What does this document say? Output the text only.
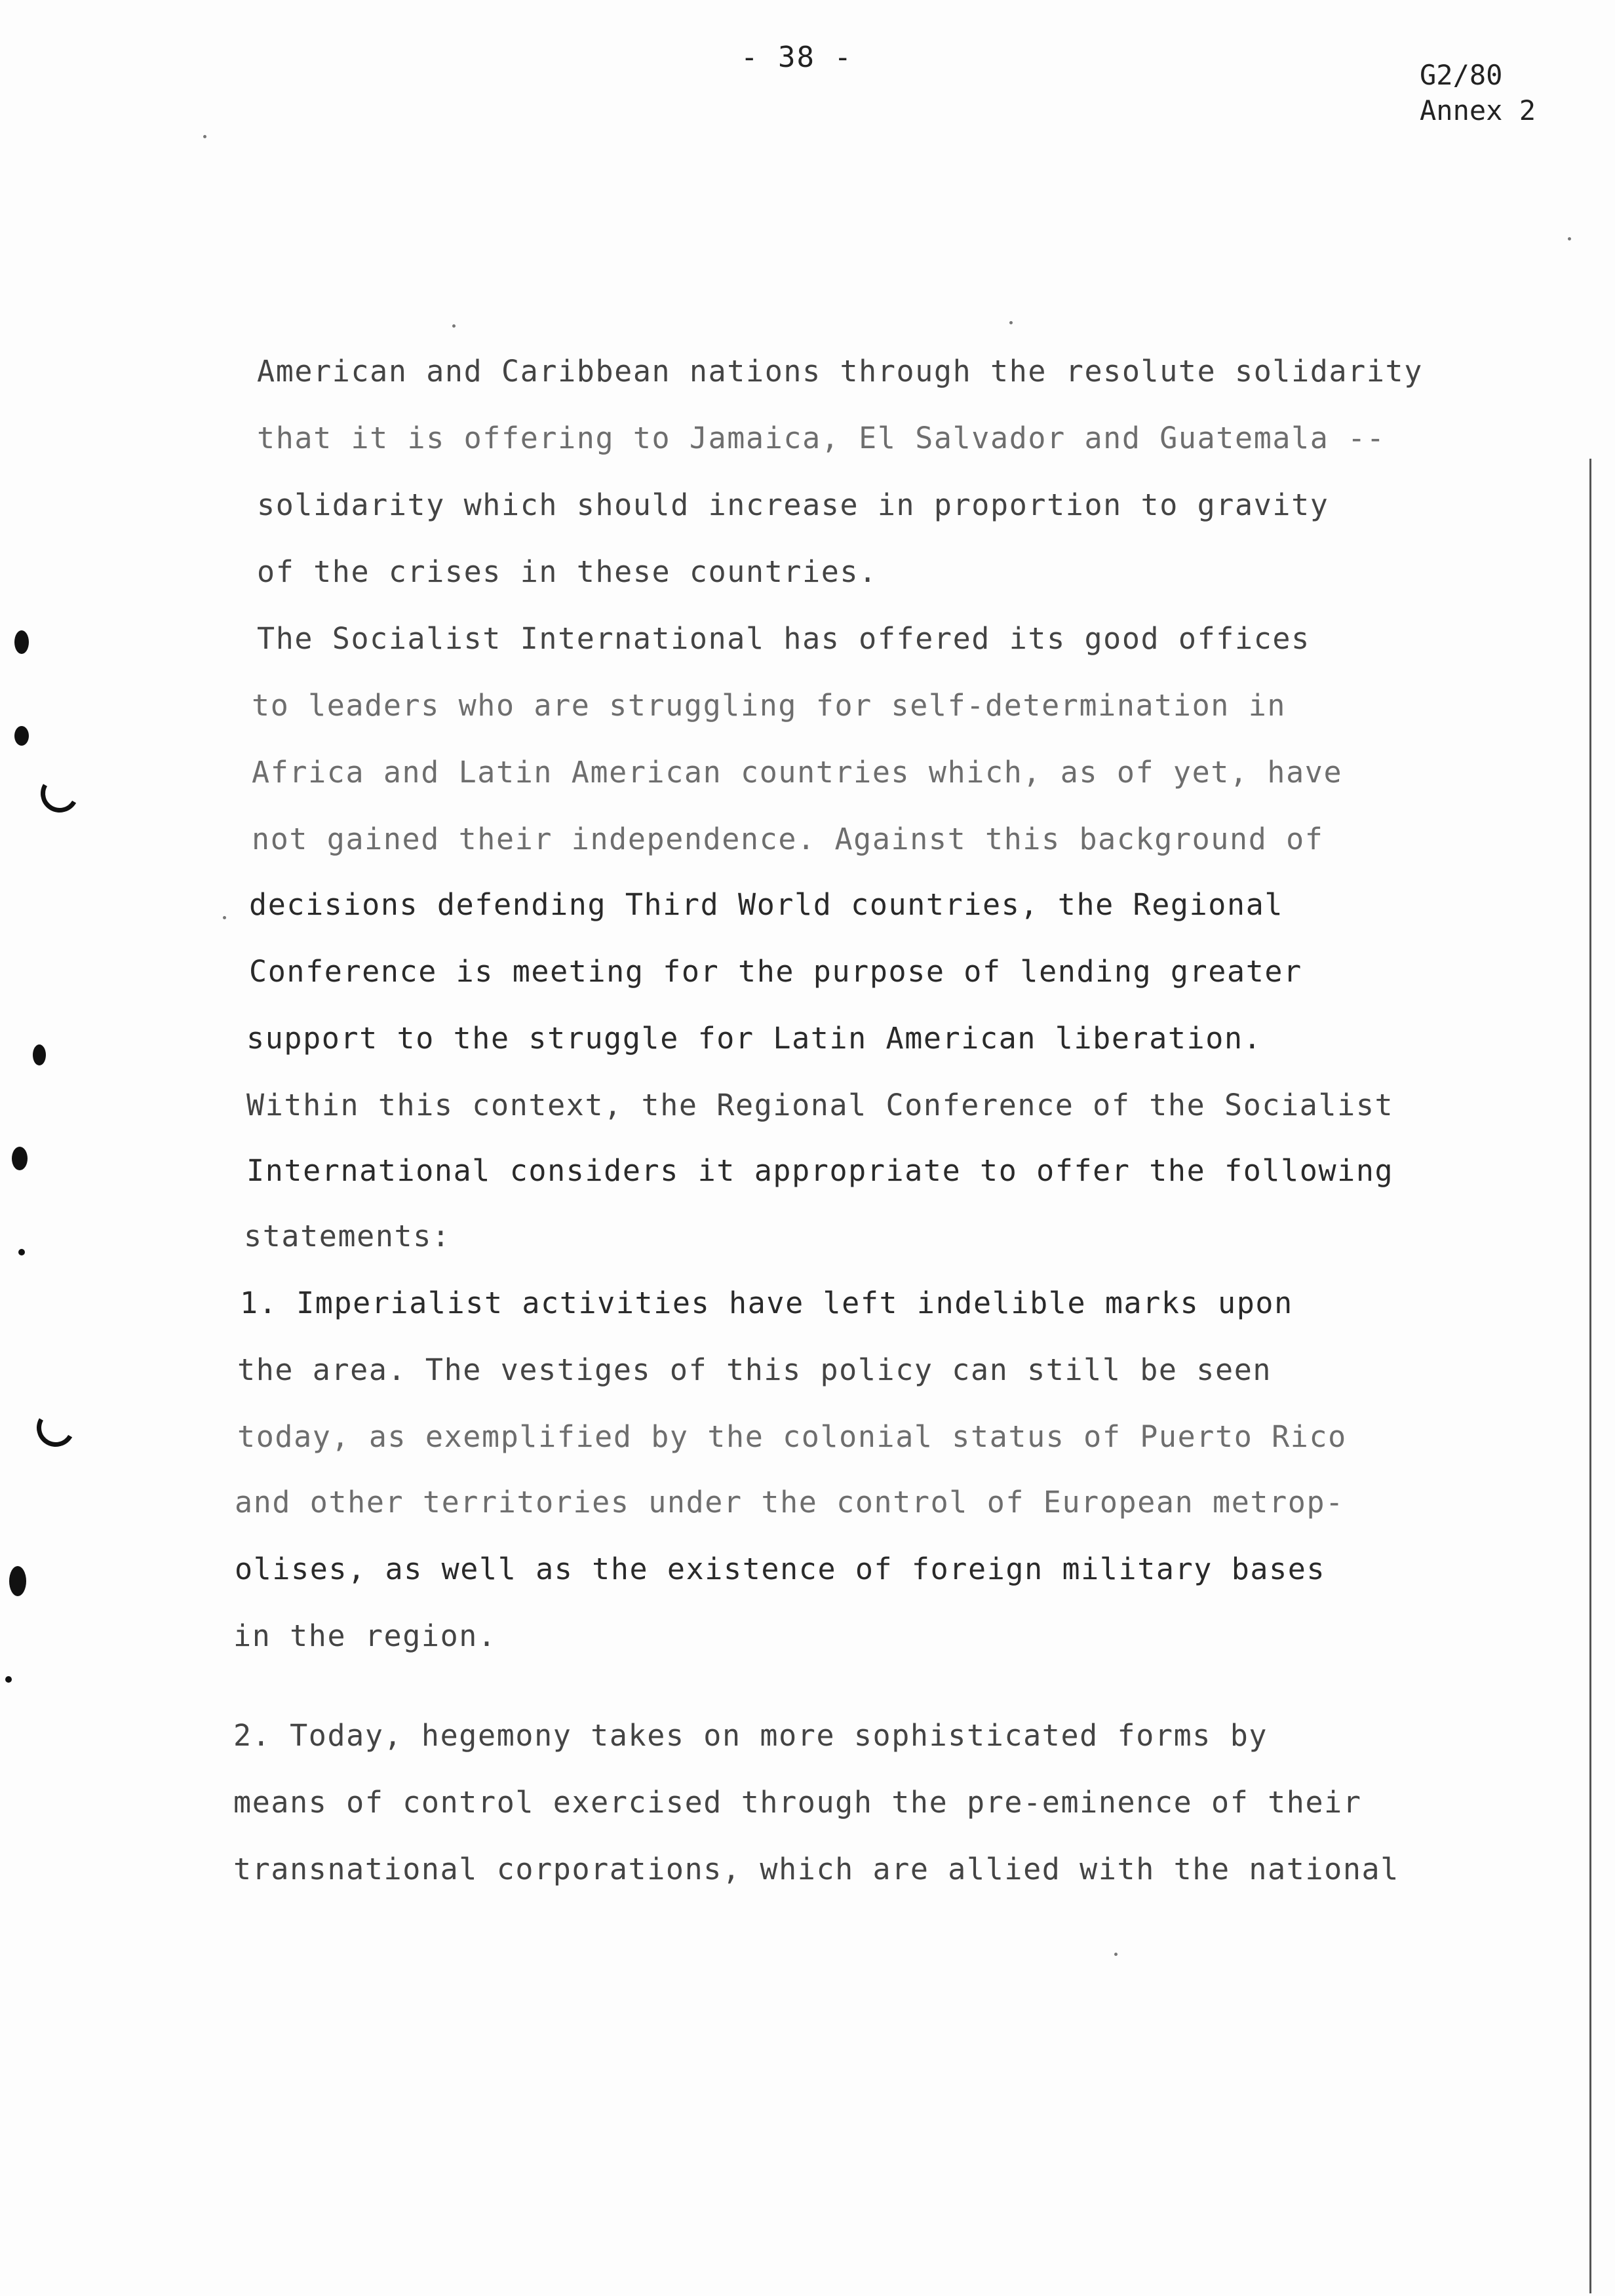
- 38 -
G2/80
Annex 2
American and Caribbean nations through the resolute solidarity
that it is offering to Jamaica, El Salvador and Guatemala --
solidarity which should increase in proportion to gravity
of the crises in these countries.
The Socialist International has offered its good offices
to leaders who are struggling for self-determination in
Africa and Latin American countries which, as of yet, have
not gained their independence. Against this background of
decisions defending Third World countries, the Regional
Conference is meeting for the purpose of lending greater
support to the struggle for Latin American liberation.
Within this context, the Regional Conference of the Socialist
International considers it appropriate to offer the following
statements:
1. Imperialist activities have left indelible marks upon
the area. The vestiges of this policy can still be seen
today, as exemplified by the colonial status of Puerto Rico
and other territories under the control of European metrop-
olises, as well as the existence of foreign military bases
in the region.
2. Today, hegemony takes on more sophisticated forms by
means of control exercised through the pre-eminence of their
transnational corporations, which are allied with the national
